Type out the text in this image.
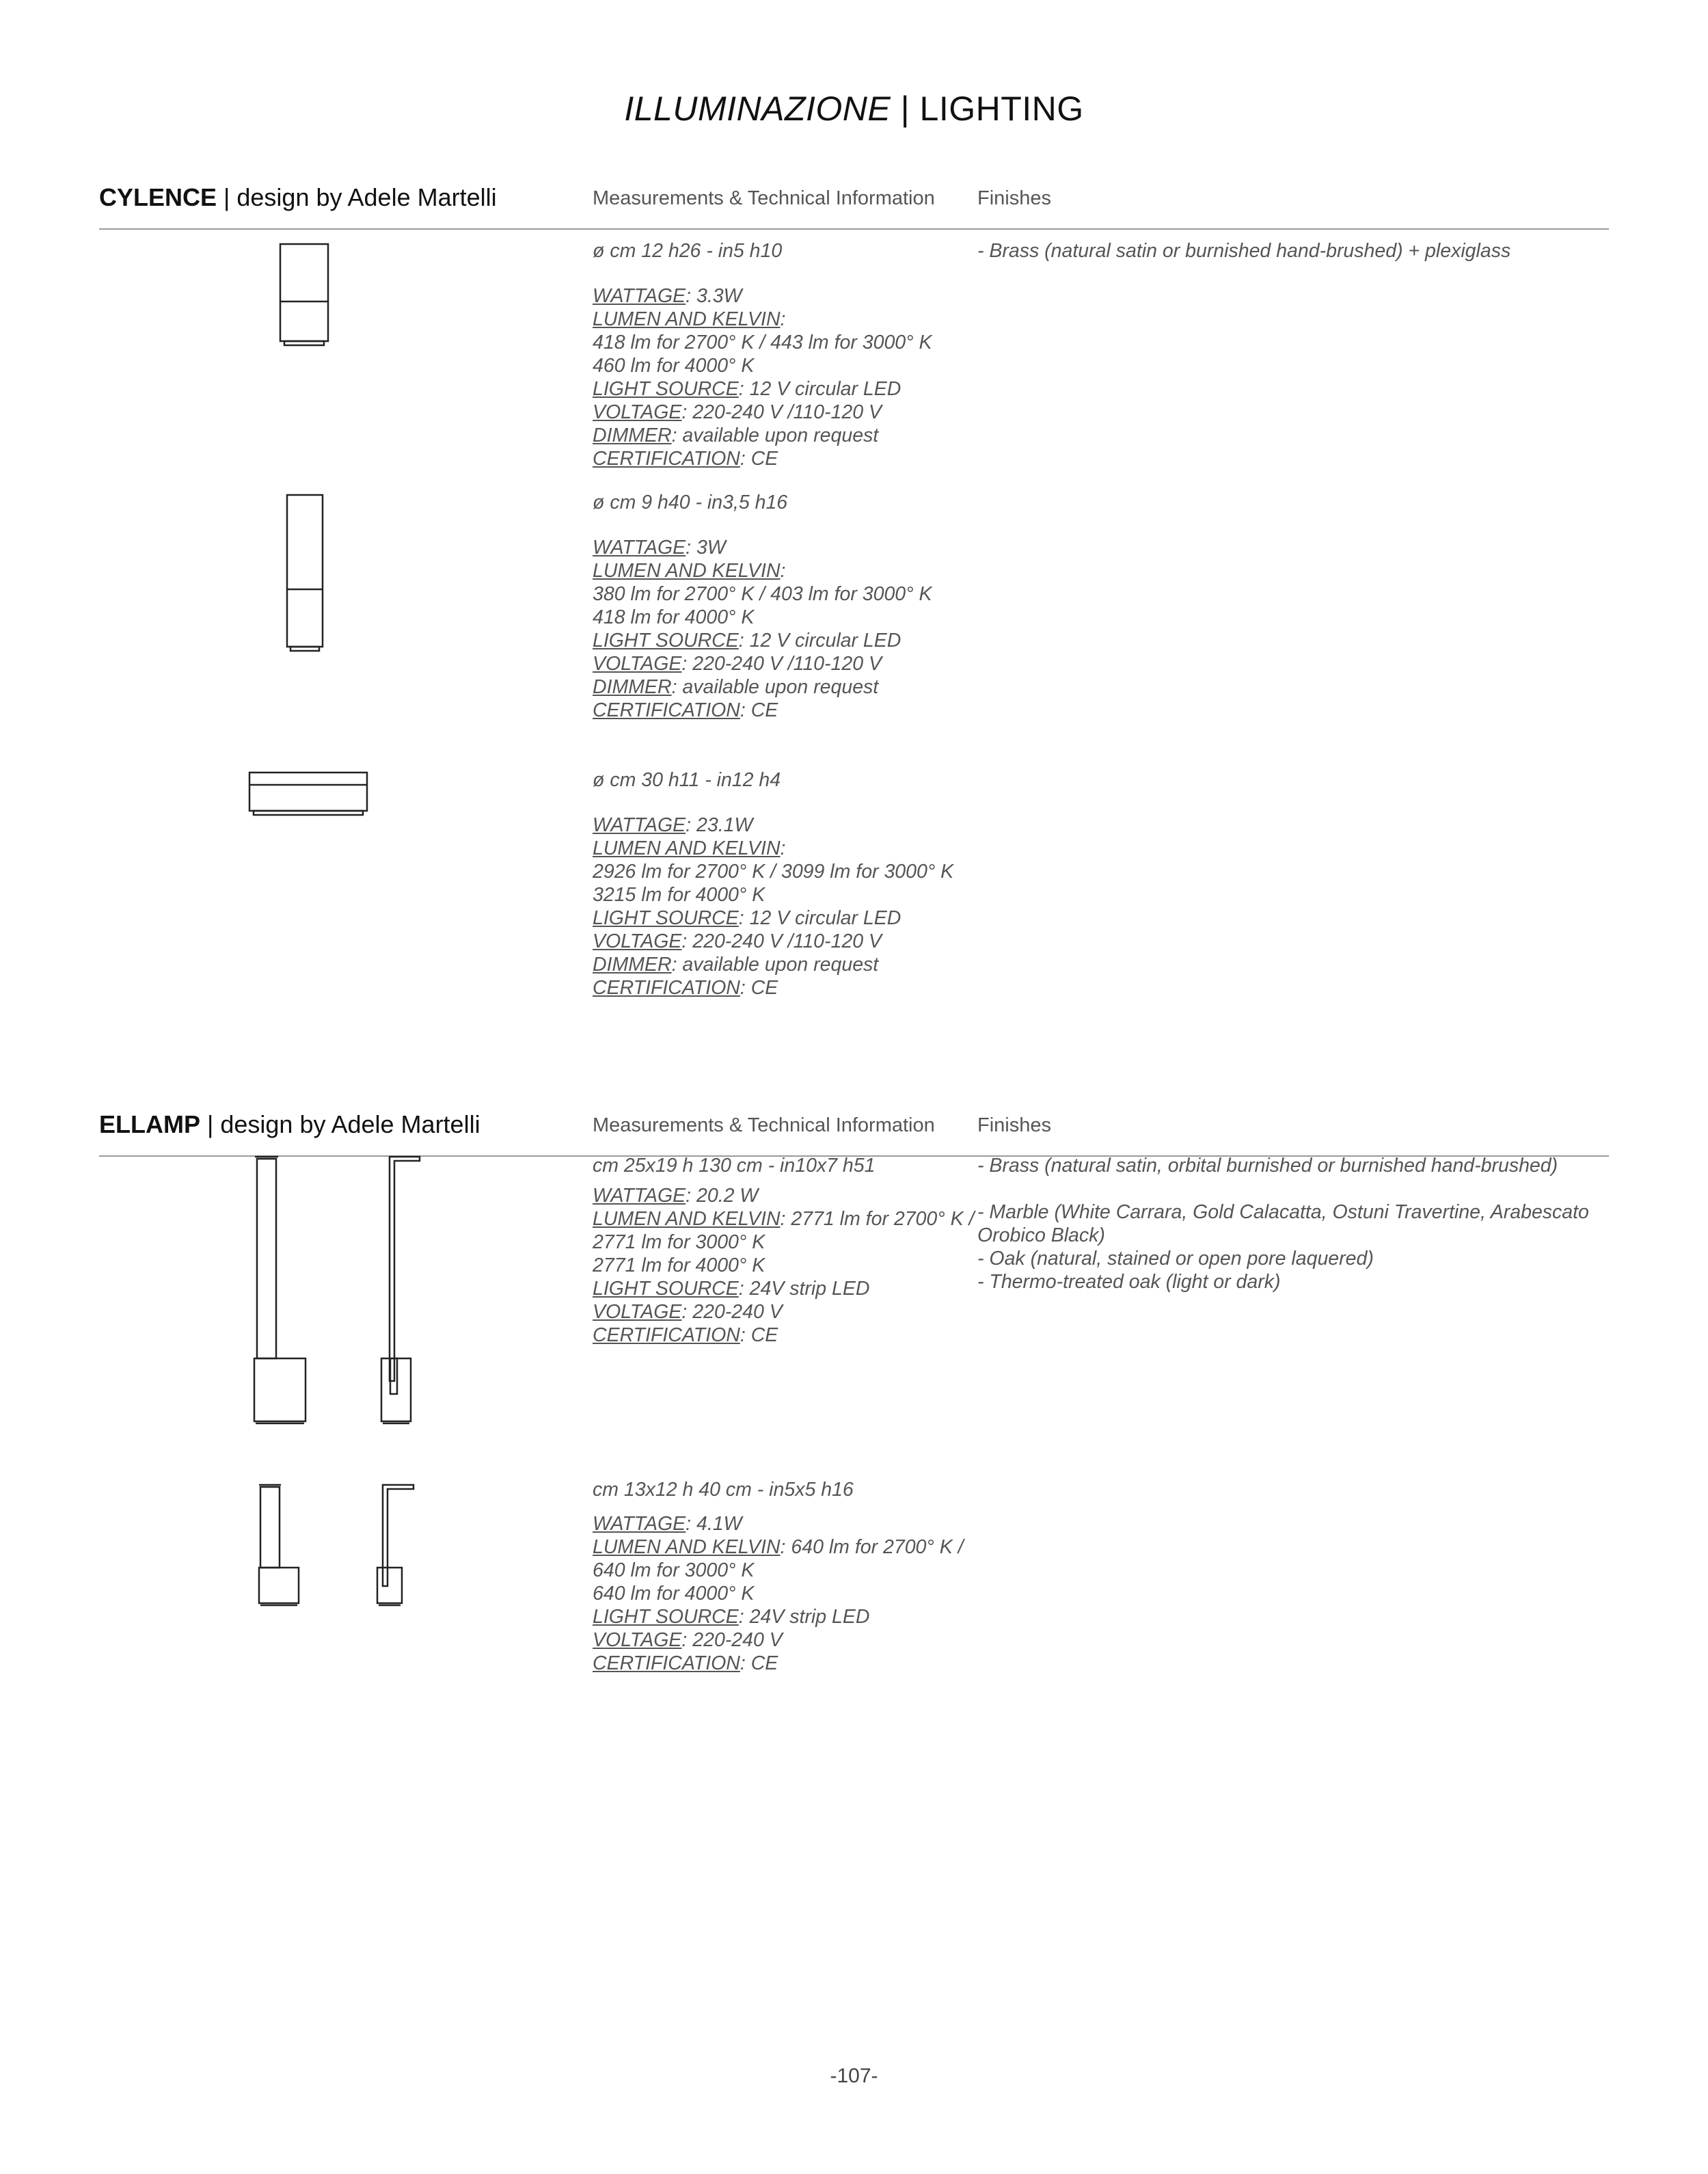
ILLUMINAZIONE | LIGHTING
CYLENCE | design by Adele Martelli	Measurements & Technical Information Finishes
ø cm 12 h26 - in5 h10
WATTAGE: 3.3W
LUMEN AND KELVIN:
418 lm for 2700° K / 443 lm for 3000° K
460 lm for 4000° K
LIGHT SOURCE: 12 V circular LED
VOLTAGE: 220-240 V /110-120 V
DIMMER: available upon request
CERTIFICATION: CE
ø cm 9 h40 - in3,5 h16
WATTAGE: 3W
LUMEN AND KELVIN:
380 lm for 2700° K / 403 lm for 3000° K
418 lm for 4000° K
LIGHT SOURCE: 12 V circular LED
VOLTAGE: 220-240 V /110-120 V
DIMMER: available upon request
CERTIFICATION: CE
ø cm 30 h11 - in12 h4
WATTAGE: 23.1W
LUMEN AND KELVIN:
2926 lm for 2700° K / 3099 lm for 3000° K
3215 lm for 4000° K
LIGHT SOURCE: 12 V circular LED
VOLTAGE: 220-240 V /110-120 V
DIMMER: available upon request
CERTIFICATION: CE
- Brass (natural satin or burnished hand-brushed) + plexiglass
ELLAMP | design by Adele Martelli	Measurements & Technical Information Finishes
cm 25x19 h 130 cm - in10x7 h51
WATTAGE: 20.2 W
LUMEN AND KELVIN: 2771 lm for 2700° K /
2771 lm for 3000° K
2771 lm for 4000° K
LIGHT SOURCE: 24V strip LED
VOLTAGE: 220-240 V
CERTIFICATION: CE
cm 13x12 h 40 cm - in5x5 h16
WATTAGE: 4.1W
LUMEN AND KELVIN: 640 lm for 2700° K /
640 lm for 3000° K
640 lm for 4000° K
LIGHT SOURCE: 24V strip LED
VOLTAGE: 220-240 V
CERTIFICATION: CE
- Brass (natural satin, orbital burnished or burnished hand-brushed)
- Marble (White Carrara, Gold Calacatta, Ostuni Travertine, Arabescato
Orobico Black)
- Oak (natural, stained or open pore laquered)
- Thermo-treated oak (light or dark)
-107-
